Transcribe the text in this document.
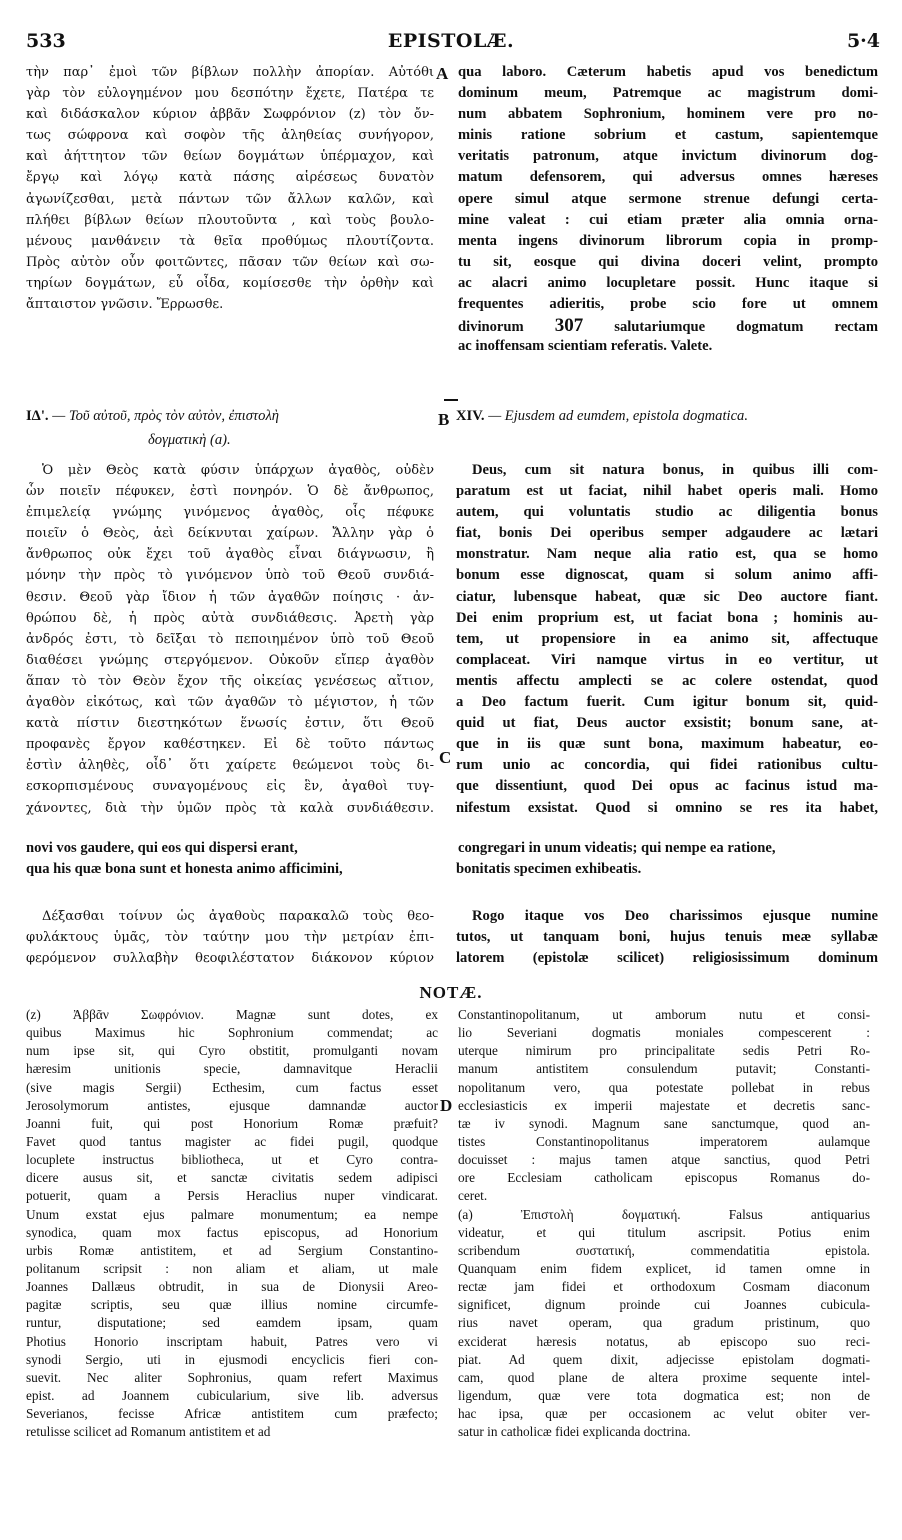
533	EPISTOLÆ.	5·4
τὴν παρ᾽ ἐμοὶ τῶν βίβλων πολλὴν ἀπορίαν. Αὐτόθι
γὰρ τὸν εὐλογημένον μου δεσπότην ἔχετε, Πατέρα τε
καὶ διδάσκαλον κύριον ἀββᾶν Σωφρόνιον (z) τὸν ὄν-
τως σώφρονα καὶ σοφὸν τῆς ἀληθείας συνήγορον,
καὶ ἀήττητον τῶν θείων δογμάτων ὑπέρμαχον, καὶ
ἔργῳ καὶ λόγῳ κατὰ πάσης αἱρέσεως δυνατὸν
ἀγωνίζεσθαι, μετὰ πάντων τῶν ἄλλων καλῶν, καὶ
πλήθει βίβλων θείων πλουτοῦντα , καὶ τοὺς βουλο-
μένους μανθάνειν τὰ θεῖα προθύμως πλουτίζοντα.
Πρὸς αὐτὸν οὖν φοιτῶντες, πᾶσαν τῶν θείων καὶ σω-
τηρίων δογμάτων, εὖ οἶδα, κομίσεσθε τὴν ὀρθὴν καὶ
ἄπταιστον γνῶσιν. Ἔρρωσθε.
A qua laboro. Cæterum habetis apud vos benedictum
dominum meum, Patremque ac magistrum domi-
num abbatem Sophronium, hominem vere pro no-
minis ratione sobrium et castum, sapientemque
veritatis patronum, atque invictum divinorum dog-
matum defensorem, qui adversus omnes hæreses
opere simul atque sermone strenue defungi certa-
mine valeat : cui etiam præter alia omnia orna-
menta ingens divinorum librorum copia in promp-
tu sit, eosque qui divina doceri velint, prompto
ac alacri animo locupletare possit. Hunc itaque si
frequentes adieritis, probe scio fore ut omnem
divinorum 307 salutariumque dogmatum rectam
ac inoffensam scientiam referatis. Valete.
ΙΔ'. — Τοῦ αὐτοῦ, πρὸς τὸν αὐτὸν, ἐπιστολὴ
δογματικὴ (a).
B XIV. — Ejusdem ad eumdem, epistola dogmatica.
Ὁ μὲν Θεὸς κατὰ φύσιν ὑπάρχων ἀγαθὸς, οὐδὲν
ὧν ποιεῖν πέφυκεν, ἐστὶ πονηρόν. Ὁ δὲ ἄνθρωπος,
ἐπιμελείᾳ γνώμης γινόμενος ἀγαθὸς, οἷς πέφυκε
ποιεῖν ὁ Θεὸς, ἀεὶ δείκνυται χαίρων. Ἄλλην γὰρ ὁ
ἄνθρωπος οὐκ ἔχει τοῦ ἀγαθὸς εἶναι διάγνωσιν, ἢ
μόνην τὴν πρὸς τὸ γινόμενον ὑπὸ τοῦ Θεοῦ συνδιά-
θεσιν. Θεοῦ γὰρ ἴδιον ἡ τῶν ἀγαθῶν ποίησις · ἀν-
θρώπου δὲ, ἡ πρὸς αὐτὰ συνδιάθεσις. Ἀρετὴ γὰρ
ἀνδρός ἐστι, τὸ δεῖξαι τὸ πεποιημένον ὑπὸ τοῦ Θεοῦ
διαθέσει γνώμης στεργόμενον. Οὐκοῦν εἴπερ ἀγαθὸν
ἅπαν τὸ τὸν Θεὸν ἔχον τῆς οἰκείας γενέσεως αἴτιον,
ἀγαθὸν εἰκότως, καὶ τῶν ἀγαθῶν τὸ μέγιστον, ἡ τῶν
κατὰ πίστιν διεστηκότων ἕνωσίς ἐστιν, ὅτι Θεοῦ
προφανὲς ἔργον καθέστηκεν. Εἰ δὲ τοῦτο πάντως
ἐστὶν ἀληθὲς, οἶδ᾽ ὅτι χαίρετε θεώμενοι τοὺς δι-
εσκορπισμένους συναγομένους εἰς ἓν, ἀγαθοὶ τυγ-
χάνοντες, διὰ τὴν ὑμῶν πρὸς τὰ καλὰ συνδιάθεσιν.
C
Deus, cum sit natura bonus, in quibus illi com-
paratum est ut faciat, nihil habet operis mali. Homo
autem, qui voluntatis studio ac diligentia bonus
fiat, bonis Dei operibus semper adgaudere ac lætari
monstratur. Nam neque alia ratio est, qua se homo
bonum esse dignoscat, quam si solum animo affi-
ciatur, lubensque habeat, quæ sic Deo auctore fiant.
Dei enim proprium est, ut faciat bona ; hominis au-
tem, ut propensiore in ea animo sit, affectuque
complaceat. Viri namque virtus in eo vertitur, ut
mentis affectu amplecti se ac colere ostendat, quod
a Deo factum fuerit. Cum igitur bonum sit, quid-
quid ut fiat, Deus auctor exsistit; bonum sane, at-
que in iis quæ sunt bona, maximum habeatur, eo-
rum unio ac concordia, qui fidei rationibus cultu-
que dissentiunt, quod Dei opus ac facinus istud ma-
nifestum exsistat. Quod si omnino se res ita habet,
novi vos gaudere, qui eos qui dispersi erant,	congregari in unum videatis; qui nempe ea ratione,
qua his quæ bona sunt et honesta animo afficimini,	bonitatis specimen exhibeatis.
Δέξασθαι τοίνυν ὡς ἀγαθοὺς παρακαλῶ τοὺς θεο-
φυλάκτους ὑμᾶς, τὸν ταύτην μου τὴν μετρίαν ἐπι-
φερόμενον συλλαβὴν θεοφιλέστατον διάκονον κύριον
Rogo itaque vos Deo charissimos ejusque numine
tutos, ut tanquam boni, hujus tenuis meæ syllabæ
latorem (epistolæ scilicet) religiosissimum dominum
NOTÆ.
(z) Ἀββᾶν Σωφρόνιον. Magnæ sunt dotes, ex
quibus Maximus hic Sophronium commendat; ac
num ipse sit, qui Cyro obstitit, promulganti novam
hæresim unitionis specie, damnavitque Heraclii
(sive magis Sergii) Ecthesim, cum factus esset
Jerosolymorum antistes, ejusque damnandæ auctor
Joanni fuit, qui post Honorium Romæ præfuit?
Favet quod tantus magister ac fidei pugil, quodque
locuplete instructus bibliotheca, ut et Cyro contra-
dicere ausus sit, et sanctæ civitatis sedem adipisci
potuerit, quam a Persis Heraclius nuper vindicarat.
Unum exstat ejus palmare monumentum; ea nempe
synodica, quam mox factus episcopus, ad Honorium
urbis Romæ antistitem, et ad Sergium Constantino-
politanum scripsit : non aliam et aliam, ut male
Joannes Dallæus obtrudit, in sua de Dionysii Areo-
pagitæ scriptis, seu quæ illius nomine circumfe-
runtur, disputatione; sed eamdem ipsam, quam
Photius Honorio inscriptam habuit, Patres vero vi
synodi Sergio, uti in ejusmodi encyclicis fieri con-
suevit. Nec aliter Sophronius, quam refert Maximus
epist. ad Joannem cubicularium, sive lib. adversus
Severianos, fecisse Africæ antistitem cum præfecto;
retulisse scilicet ad Romanum antistitem et ad
D
Constantinopolitanum, ut amborum nutu et consi-
lio Severiani dogmatis moniales compescerent :
uterque nimirum pro principalitate sedis Petri Ro-
manum antistitem consulendum putavit; Constanti-
nopolitanum vero, qua potestate pollebat in rebus
ecclesiasticis ex imperii majestate et decretis sanc-
tæ iv synodi. Magnum sane sanctumque, quod an-
tistes Constantinopolitanus imperatorem aulamque
docuisset : majus tamen atque sanctius, quod Petri
ore Ecclesiam catholicam episcopus Romanus do-
ceret.
(a) Ἐπιστολὴ δογματική. Falsus antiquarius
videatur, et qui titulum ascripsit. Potius enim
scribendum συστατική, commendatitia epistola.
Quanquam enim fidem explicet, id tamen omne in
rectæ jam fidei et orthodoxum Cosmam diaconum
significet, dignum proinde cui Joannes cubicula-
rius navet operam, qua gradum pristinum, quo
exciderat hæresis notatus, ab episcopo suo reci-
piat. Ad quem dixit, adjecisse epistolam dogmati-
cam, quod plane de altera proxime sequente intel-
ligendum, quæ vere tota dogmatica est; non de
hac ipsa, quæ per occasionem ac velut obiter ver-
satur in catholicæ fidei explicanda doctrina.
